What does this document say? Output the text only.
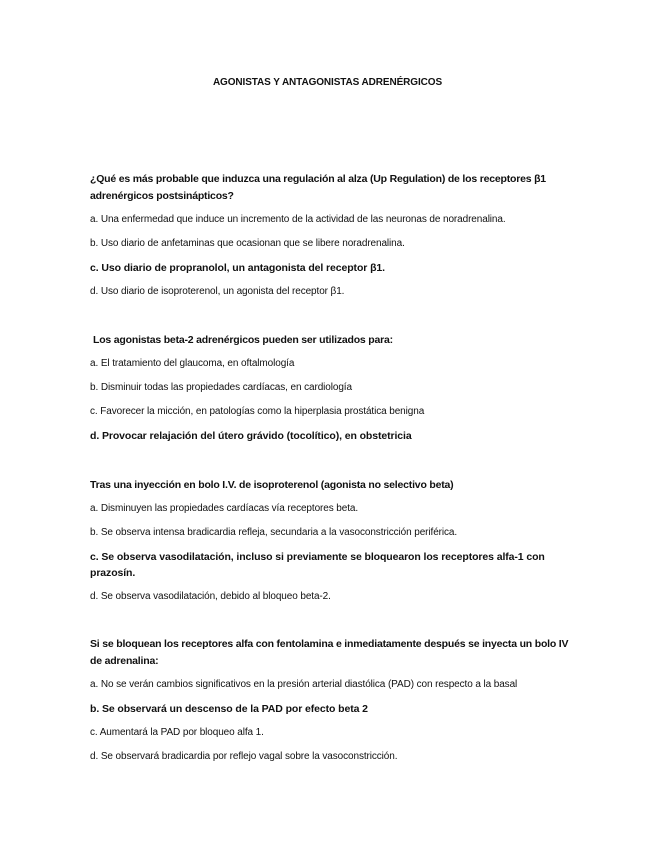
AGONISTAS Y ANTAGONISTAS ADRENÉRGICOS

¿Qué es más probable que induzca una regulación al alza (Up Regulation) de los receptores β1 adrenérgicos postsinápticos?

a. Una enfermedad que induce un incremento de la actividad de las neuronas de noradrenalina.

b. Uso diario de anfetaminas que ocasionan que se libere noradrenalina.

c. Uso diario de propranolol, un antagonista del receptor β1.

d. Uso diario de isoproterenol, un agonista del receptor β1.

Los agonistas beta-2 adrenérgicos pueden ser utilizados para:

a. El tratamiento del glaucoma, en oftalmología

b. Disminuir todas las propiedades cardíacas, en cardiología

c. Favorecer la micción, en patologías como la hiperplasia prostática benigna

d. Provocar relajación del útero grávido (tocolítico), en obstetricia

Tras una inyección en bolo I.V. de isoproterenol (agonista no selectivo beta)

a. Disminuyen las propiedades cardíacas vía receptores beta.

b. Se observa intensa bradicardia refleja, secundaria a la vasoconstricción periférica.

c. Se observa vasodilatación, incluso si previamente se bloquearon los receptores alfa-1 con prazosín.

d. Se observa vasodilatación, debido al bloqueo beta-2.

Si se bloquean los receptores alfa con fentolamina e inmediatamente después se inyecta un bolo IV de adrenalina:

a. No se verán cambios significativos en la presión arterial diastólica (PAD) con respecto a la basal

b. Se observará un descenso de la PAD por efecto beta 2

c. Aumentará la PAD por bloqueo alfa 1.

d. Se observará bradicardia por reflejo vagal sobre la vasoconstricción.
